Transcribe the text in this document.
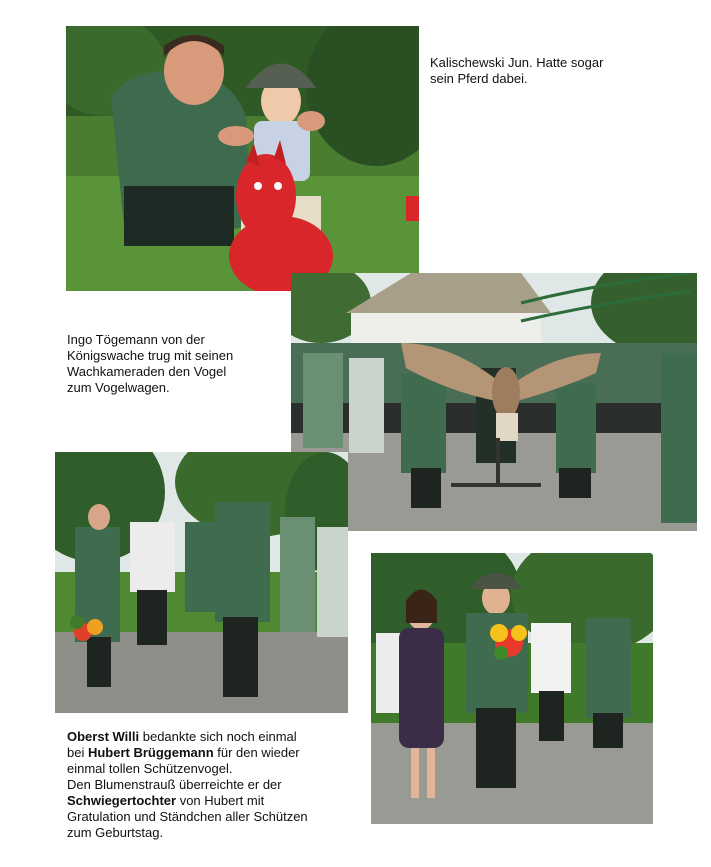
Kalischewski Jun. Hatte sogar
sein Pferd dabei.
Ingo Tögemann von der
Königswache trug mit seinen
Wachkameraden den Vogel
zum Vogelwagen.
Oberst Willi bedankte sich noch einmal
bei Hubert Brüggemann für den wieder
einmal tollen Schützenvogel.
Den Blumenstrauß überreichte er der
Schwiegertochter von Hubert mit
Gratulation und Ständchen aller Schützen
zum Geburtstag.
